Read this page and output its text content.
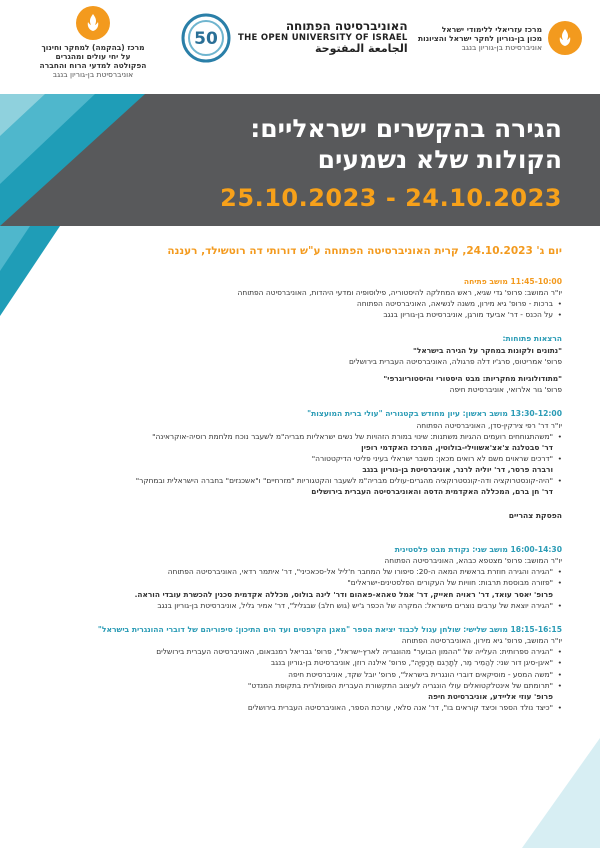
מרכז עזריאלי ללימודי ישראל
מכון בן-גוריון לחקר ישראל והציונות
אוניברסיטת בן-גוריון בנגב
50
האוניברסיטה הפתוחה
THE OPEN UNIVERSITY OF ISRAEL
الجامعة المفتوحة
מרכז (בהקמה) למחקר וחינוך
על יחי עולים ומהגרים
הפקולטה למדעי הרוח והחברה
אוניברסיטת בן-גוריון בנגב
הגירה בהקשרים ישראליים:
הקולות שלא נשמעים
25.10.2023 - 24.10.2023
יום ג' 24.10.2023, קרית האוניברסיטה הפתוחה ע"ש דורותי דה רוטשילד, רעננה
11:45-10:00 מושב פתיחה
יו"ר המושב: פרופ' גדי שגיא, ראש המחלקה להיסטוריה, פילוסופיה ומדעי היהדות, האוניברסיטה הפתוחה
• ברכות - פרופ' גיא מירון, משנה לנשיאה, האוניברסיטה הפתוחה
• על הכנס - דר' אביעד מורגן, אוניברסיטת בן-גוריון בנגב
הרצאות פתוחות:
"נתונים ולקונות במחקר על הגירה בישראל"
פרופ' אמריטוס, סרג'יו דלה פרגולה, האוניברסיטה העברית בירושלים
"מתודולוגיות מחקריות: מבט היסטורי והיסטוריוגרפי"
פרופ' גור אלרואי, אוניברסיטת חיפה
13:30-12:00 מושב ראשון: עיון מחודש בקטגוריה "עולי ברית המועצות"
יו"ר דר' רפי צירקין-סדן, האוניברסיטה הפתוחה
• "משהתגוחחים רועמים ההגיות משתנות: שינוי במורת הזהויות של נשים ישראליות מבריה"מ לשעבר נוכח מלחמת רוסיה-אוקראינה"
דר' סבטלנה צ'אצ'אשווילי-בולוטין, המרכז האקדמי רופין
• "דרכים שראוים משם לא רואים מכאן: משבר ישראלי בעיני פליטי הדיקטטורה"
ורברה פרסר, דר' יוליה לרנר, אוניברסיטת בן-גוריון בנגב
• "היה-קונסטרוקציה ודה-קונסטרוקציה מהגרים-עולים מבריה"מ לשעבר והקטגוריות "מזרחיים" ו"אשכנזים" בחברה הישראלית ובמחקר"
דר' חן ברם, המכללה האקדמית הדסה והאוניברסיטה העברית בירושלים
הפסקת צהריים
16:00-14:30 מושב שני: נקודת מבט פלסטינית
יו"ר המושב: פרופ' מצטפא כבהא, האוניברסיטה הפתוחה
• "הגירה והגירה חוזרת בראשית המאה ה-20: סיפורו של המחבר ח'ליל אל-סכאכיני", דר' איתמר רדאי, האוניברסיטה הפתוחה
• "פזורה מבוססת תרבות: חוויות של העקורים הפלסטינים-ישראלים"
פרופ' יאסר עואד, דר' ראויה חאייק, דר' אמל טאהא-פאהום ודר' לינה בולוס, מכללה אקדמית סכנין להכשרת עובדי הוראה.
• "הגירה יוצאת של ערבים נוצרים מישראל: המקרה של הכפר ג'יש (גוש חלב) שבגליל", דר' אמיר גליל, אוניברסיטת בן-גוריון בנגב
18:15-16:15 מושב שלישי: שולחן עגול לכבוד יציאת הספר "מאגן הקרפטים ועד הים התיכון: סיפוריהם של דוברי ההונגרית בישראל"
יו"ר המושב, פרופ' גיא מירון, האוניברסיטה הפתוחה
• "הגירה ספרותית: העלייה של "ההמון הבוער" מהונגריה לארץ-ישראל", פרופ' גבריאל רמנבאום, האוניברסיטה העברית בירושלים
• "איגן-סיגן דור שני: לְהַמִיר מֵר, לְתָרֵגם תְּרָפְיָה", פרופ' אילנה רוזן, אוניברסיטת בן-גוריון בנגב
• "משה המסע - מוסיקאים דוברי הונגרית בישראל", פרופ' יובל שקד, אוניברסיטת חיפה
• "תרומתם של אינטלקטואלים עולי הונגריה לעיצוב התקשורת העברית הפופולרית בתקופת המנדט"
פרופ' עוזי אליידע, אוניברסיטת חיפה
• "כיצד נולד הספר וכיצד קוראים בו", דר' אנה סלאי, עורכת הספר, האוניברסיטה העברית בירושלים
